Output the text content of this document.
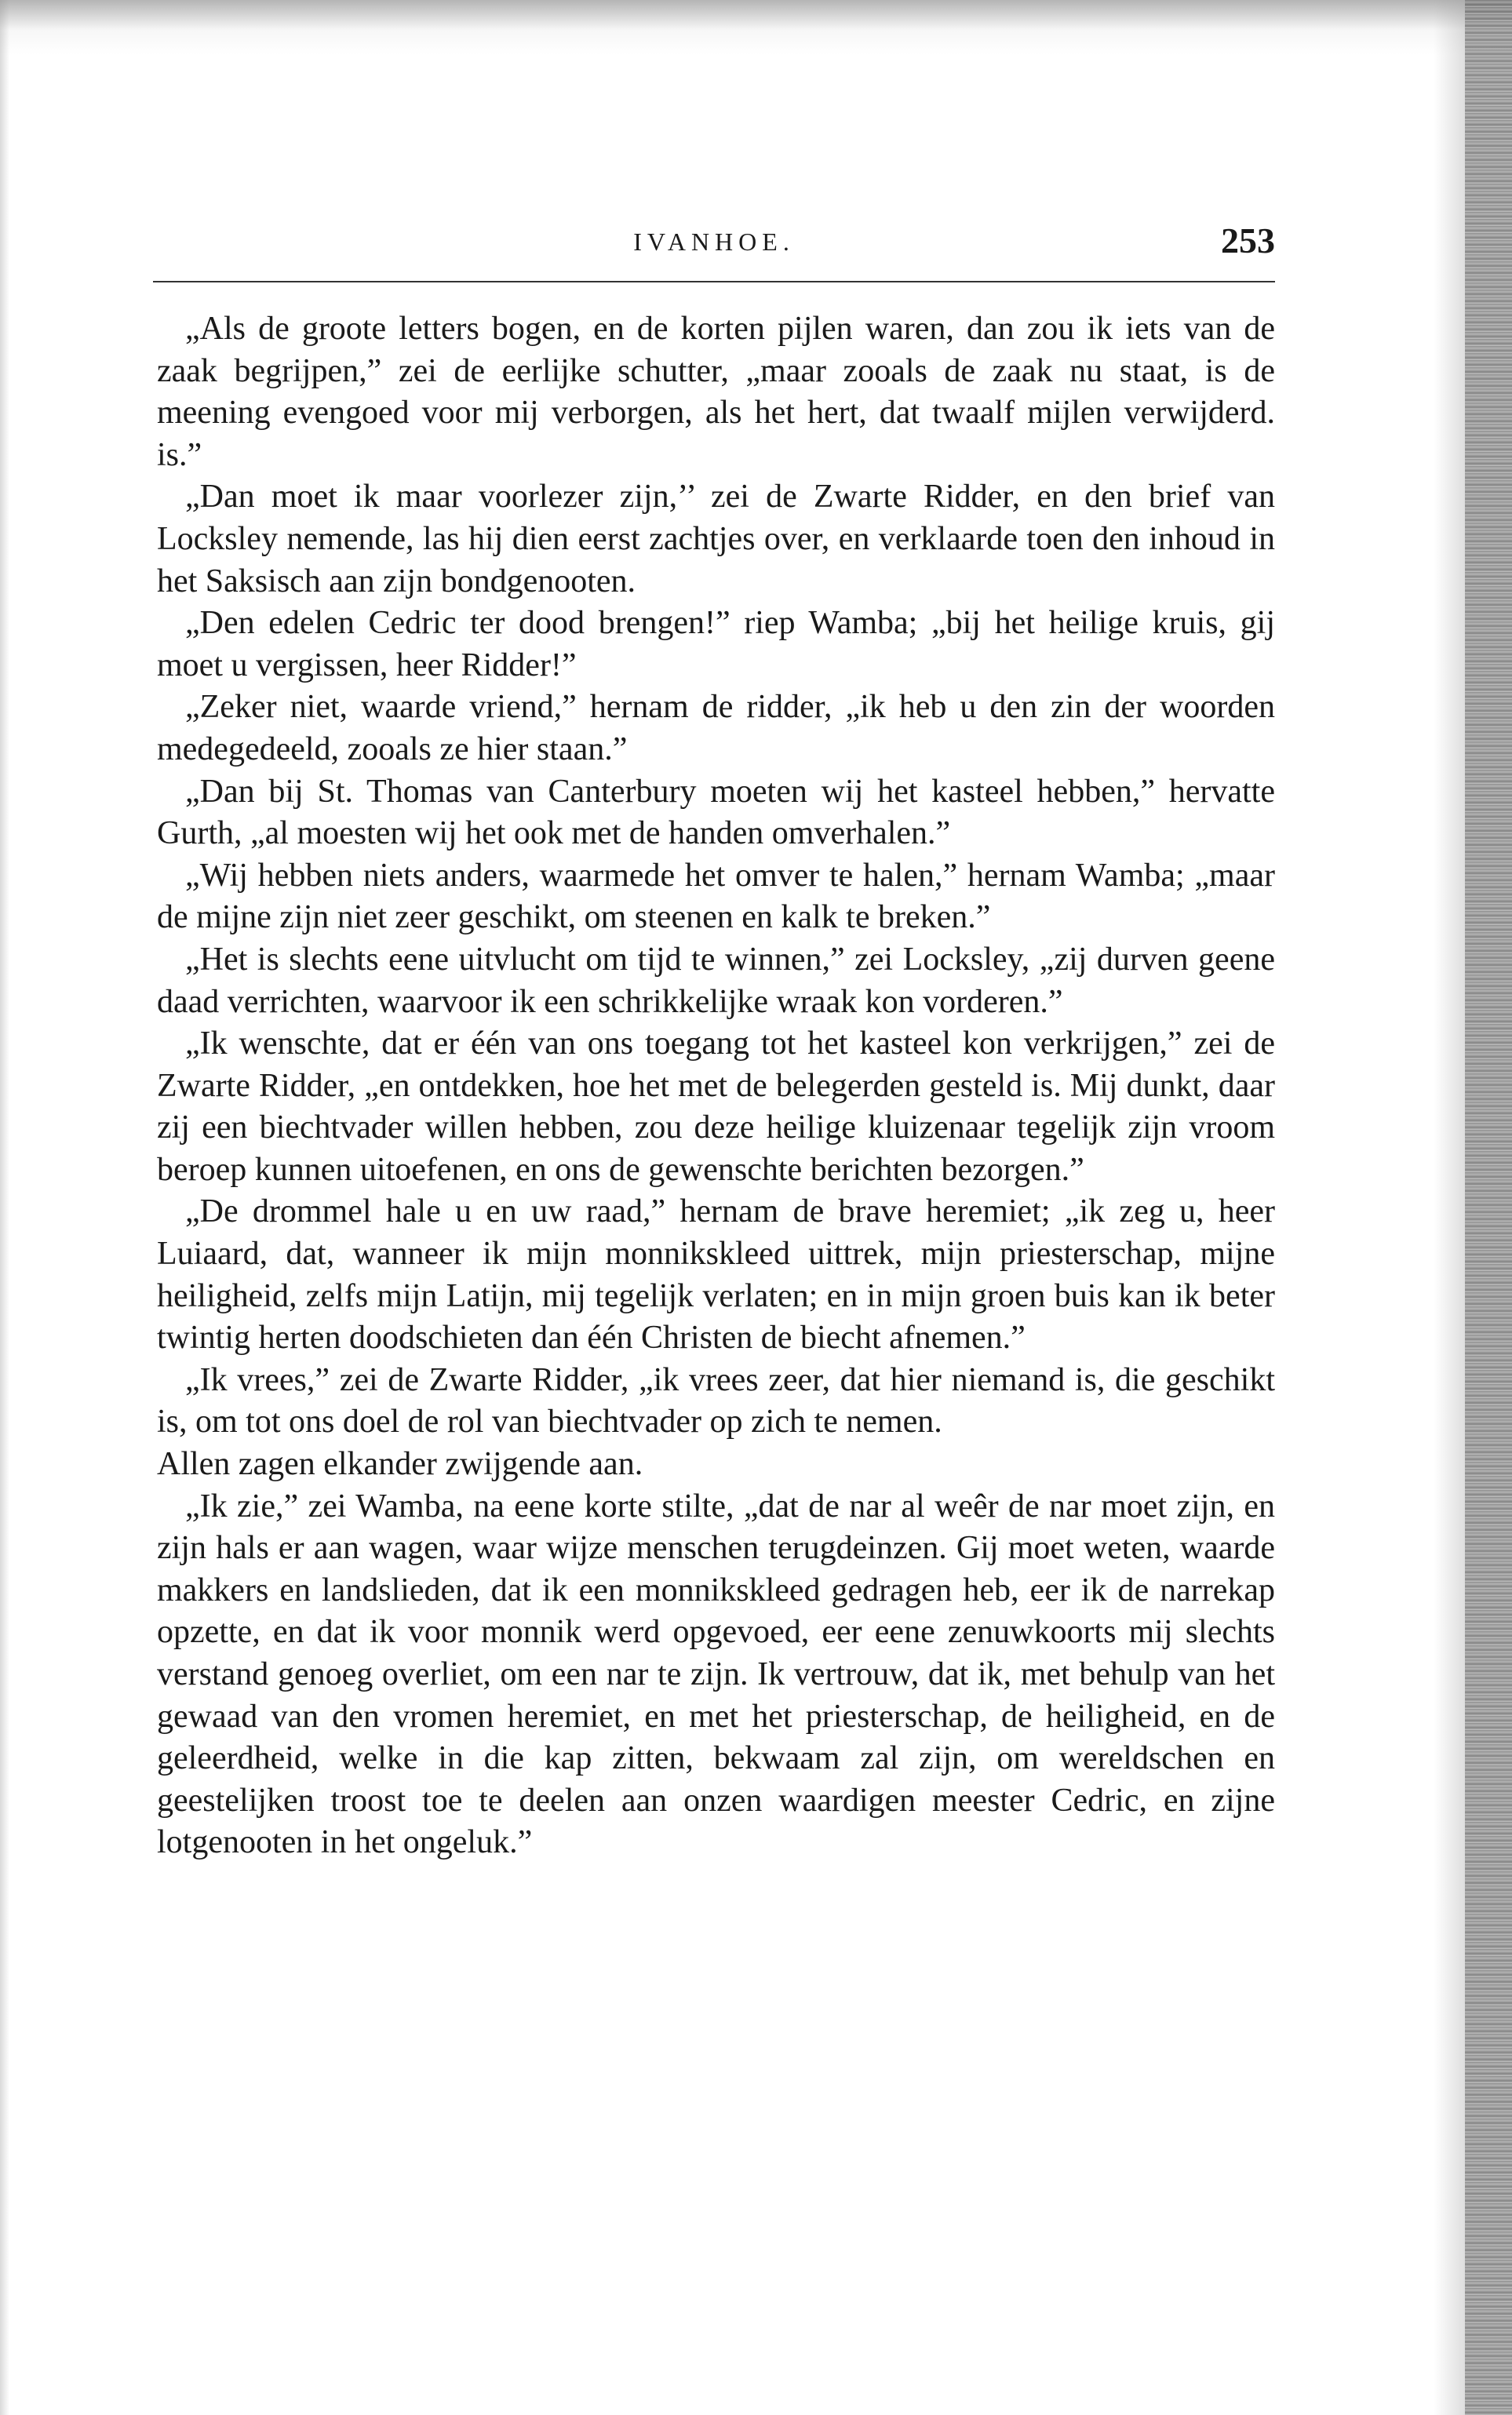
IVANHOE.	253

„Als de groote letters bogen, en de korten pijlen waren, dan zou ik iets van de zaak begrijpen,” zei de eerlijke schutter, „maar zooals de zaak nu staat, is de meening evengoed voor mij verborgen, als het hert, dat twaalf mijlen verwijderd. is.”

„Dan moet ik maar voorlezer zijn,’’ zei de Zwarte Ridder, en den brief van Locksley nemende, las hij dien eerst zachtjes over, en verklaarde toen den inhoud in het Saksisch aan zijn bondgenooten.

„Den edelen Cedric ter dood brengen!” riep Wamba; „bij het heilige kruis, gij moet u vergissen, heer Ridder!”

„Zeker niet, waarde vriend,” hernam de ridder, „ik heb u den zin der woorden medegedeeld, zooals ze hier staan.”

„Dan bij St. Thomas van Canterbury moeten wij het kasteel hebben,” hervatte Gurth, „al moesten wij het ook met de handen omverhalen.”

„Wij hebben niets anders, waarmede het omver te halen,” hernam Wamba; „maar de mijne zijn niet zeer geschikt, om steenen en kalk te breken.”

„Het is slechts eene uitvlucht om tijd te winnen,” zei Locksley, „zij durven geene daad verrichten, waarvoor ik een schrikkelijke wraak kon vorderen.”

„Ik wenschte, dat er één van ons toegang tot het kasteel kon verkrijgen,” zei de Zwarte Ridder, „en ontdekken, hoe het met de belegerden gesteld is. Mij dunkt, daar zij een biechtvader willen hebben, zou deze heilige kluizenaar tegelijk zijn vroom beroep kunnen uitoefenen, en ons de gewenschte berichten bezorgen.”

„De drommel hale u en uw raad,” hernam de brave heremiet; „ik zeg u, heer Luiaard, dat, wanneer ik mijn monnikskleed uittrek, mijn priesterschap, mijne heiligheid, zelfs mijn Latijn, mij tegelijk verlaten; en in mijn groen buis kan ik beter twintig herten doodschieten dan één Christen de biecht afnemen.”

„Ik vrees,” zei de Zwarte Ridder, „ik vrees zeer, dat hier niemand is, die geschikt is, om tot ons doel de rol van biechtvader op zich te nemen.

Allen zagen elkander zwijgende aan.

„Ik zie,” zei Wamba, na eene korte stilte, „dat de nar al weêr de nar moet zijn, en zijn hals er aan wagen, waar wijze menschen terugdeinzen. Gij moet weten, waarde makkers en landslieden, dat ik een monnikskleed gedragen heb, eer ik de narrekap opzette, en dat ik voor monnik werd opgevoed, eer eene zenuwkoorts mij slechts verstand genoeg overliet, om een nar te zijn. Ik vertrouw, dat ik, met behulp van het gewaad van den vromen heremiet, en met het priesterschap, de heiligheid, en de geleerdheid, welke in die kap zitten, bekwaam zal zijn, om wereldschen en geestelijken troost toe te deelen aan onzen waardigen meester Cedric, en zijne lotgenooten in het ongeluk.”
